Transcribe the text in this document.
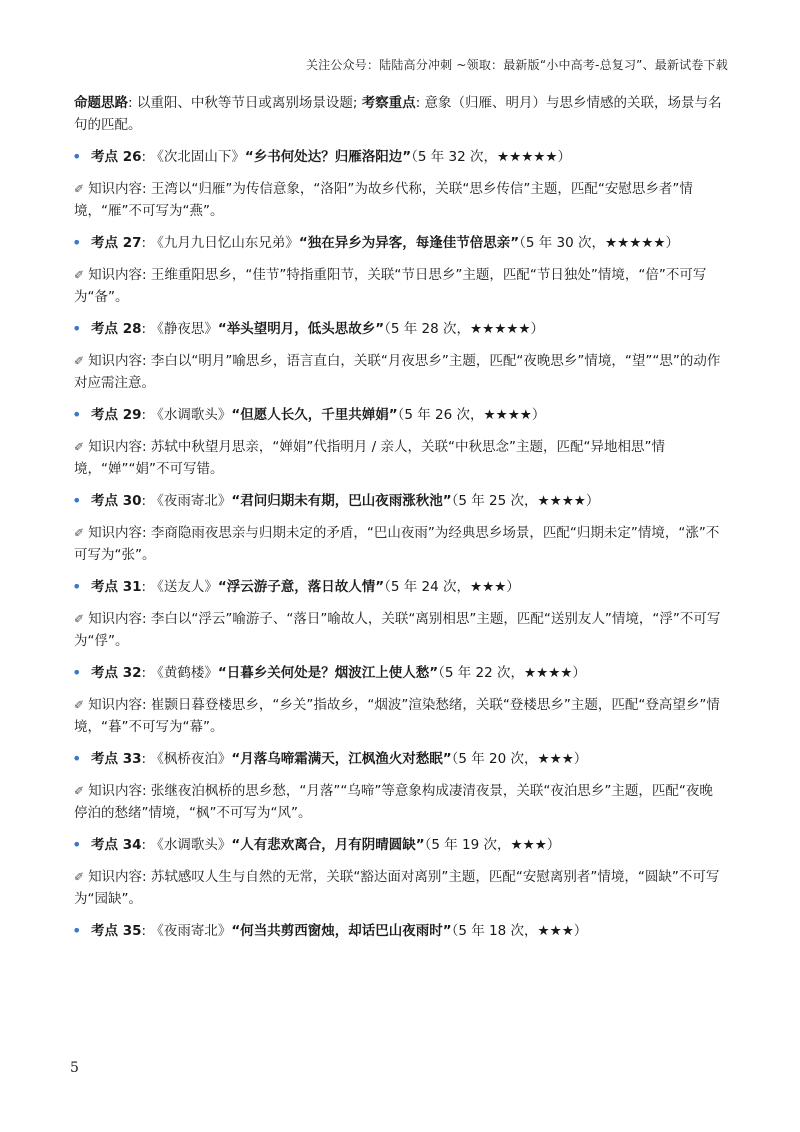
关注公众号：陆陆高分冲刺 ~领取：最新版“小中高考-总复习”、最新试卷下载

命题思路: 以重阳、中秋等节日或离别场景设题; 考察重点: 意象（归雁、明月）与思乡情感的关联，场景与名句的匹配。

• 考点 26: 《次北固山下》“乡书何处达？归雁洛阳边”（5 年 32 次，★★★★★）

✐ 知识内容: 王湾以“归雁”为传信意象，“洛阳”为故乡代称，关联“思乡传信”主题，匹配“安慰思乡者”情境，“雁”不可写为“燕”。

• 考点 27: 《九月九日忆山东兄弟》“独在异乡为异客，每逢佳节倍思亲”（5 年 30 次，★★★★★）

✐ 知识内容: 王维重阳思乡，“佳节”特指重阳节，关联“节日思乡”主题，匹配“节日独处”情境，“倍”不可写为“备”。

• 考点 28: 《静夜思》“举头望明月，低头思故乡”（5 年 28 次，★★★★★）

✐ 知识内容: 李白以“明月”喻思乡，语言直白，关联“月夜思乡”主题，匹配“夜晚思乡”情境，“望”“思”的动作对应需注意。

• 考点 29: 《水调歌头》“但愿人长久，千里共婵娟”（5 年 26 次，★★★★）

✐ 知识内容: 苏轼中秋望月思亲，“婵娟”代指明月 / 亲人，关联“中秋思念”主题，匹配“异地相思”情境，“婵”“娟”不可写错。

• 考点 30: 《夜雨寄北》“君问归期未有期，巴山夜雨涨秋池”（5 年 25 次，★★★★）

✐ 知识内容: 李商隐雨夜思亲与归期未定的矛盾，“巴山夜雨”为经典思乡场景，匹配“归期未定”情境，“涨”不可写为“张”。

• 考点 31: 《送友人》“浮云游子意，落日故人情”（5 年 24 次，★★★）

✐ 知识内容: 李白以“浮云”喻游子、“落日”喻故人，关联“离别相思”主题，匹配“送别友人”情境，“浮”不可写为“俘”。

• 考点 32: 《黄鹤楼》“日暮乡关何处是？烟波江上使人愁”（5 年 22 次，★★★★）

✐ 知识内容: 崔颢日暮登楼思乡，“乡关”指故乡，“烟波”渲染愁绪，关联“登楼思乡”主题，匹配“登高望乡”情境，“暮”不可写为“幕”。

• 考点 33: 《枫桥夜泊》“月落乌啼霜满天，江枫渔火对愁眠”（5 年 20 次，★★★）

✐ 知识内容: 张继夜泊枫桥的思乡愁，“月落”“乌啼”等意象构成凄清夜景，关联“夜泊思乡”主题，匹配“夜晚停泊的愁绪”情境，“枫”不可写为“风”。

• 考点 34: 《水调歌头》“人有悲欢离合，月有阴晴圆缺”（5 年 19 次，★★★）

✐ 知识内容: 苏轼感叹人生与自然的无常，关联“豁达面对离别”主题，匹配“安慰离别者”情境，“圆缺”不可写为“园缺”。

• 考点 35: 《夜雨寄北》“何当共剪西窗烛，却话巴山夜雨时”（5 年 18 次，★★★）

5
